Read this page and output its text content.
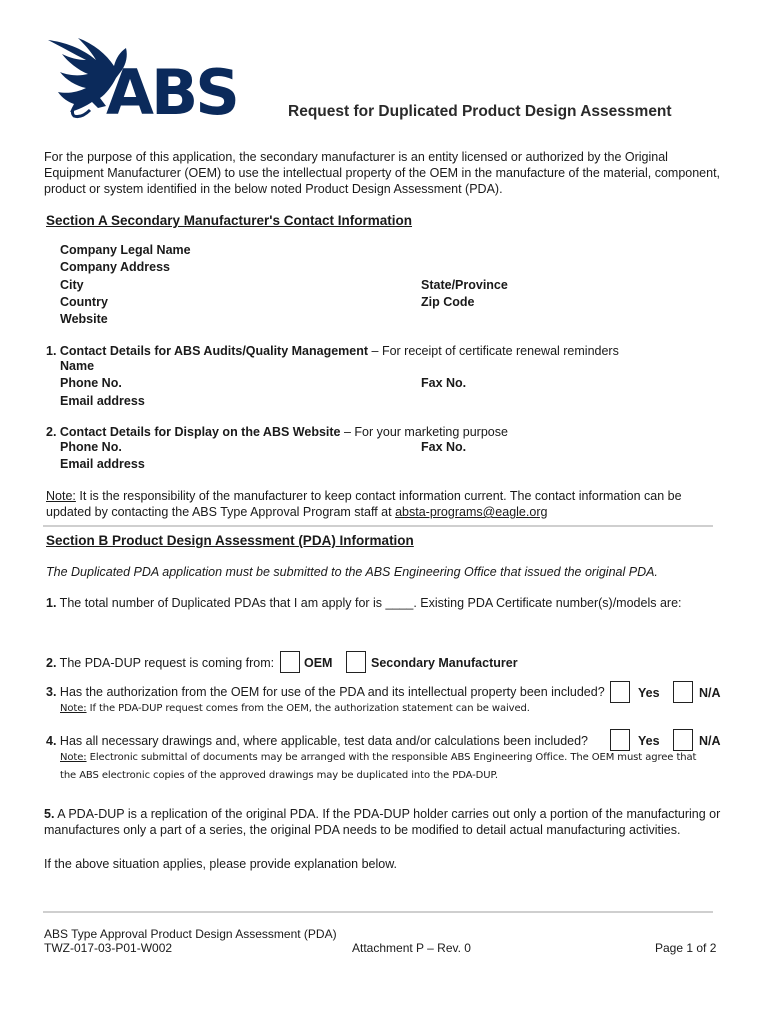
ABS	Request for Duplicated Product Design Assessment
For the purpose of this application, the secondary manufacturer is an entity licensed or authorized by the Original Equipment Manufacturer (OEM) to use the intellectual property of the OEM in the manufacture of the material, component, product or system identified in the below noted Product Design Assessment (PDA).
Section A Secondary Manufacturer's Contact Information
Company Legal Name
Company Address
City	State/Province
Country	Zip Code
Website
1. Contact Details for ABS Audits/Quality Management – For receipt of certificate renewal reminders
Name
Phone No.	Fax No.
Email address
2. Contact Details for Display on the ABS Website – For your marketing purpose
Phone No.	Fax No.
Email address
Note: It is the responsibility of the manufacturer to keep contact information current. The contact information can be updated by contacting the ABS Type Approval Program staff at absta-programs@eagle.org
Section B Product Design Assessment (PDA) Information
The Duplicated PDA application must be submitted to the ABS Engineering Office that issued the original PDA.
1. The total number of Duplicated PDAs that I am apply for is ____. Existing PDA Certificate number(s)/models are:
2. The PDA-DUP request is coming from: OEM	Secondary Manufacturer
3. Has the authorization from the OEM for use of the PDA and its intellectual property been included?	Yes	N/A
Note: If the PDA-DUP request comes from the OEM, the authorization statement can be waived.
4. Has all necessary drawings and, where applicable, test data and/or calculations been included?	Yes	N/A
Note: Electronic submittal of documents may be arranged with the responsible ABS Engineering Office. The OEM must agree that
the ABS electronic copies of the approved drawings may be duplicated into the PDA-DUP.
5. A PDA-DUP is a replication of the original PDA. If the PDA-DUP holder carries out only a portion of the manufacturing or manufactures only a part of a series, the original PDA needs to be modified to detail actual manufacturing activities.
If the above situation applies, please provide explanation below.
ABS Type Approval Product Design Assessment (PDA)
TWZ-017-03-P01-W002	Attachment P – Rev. 0	Page 1 of 2
